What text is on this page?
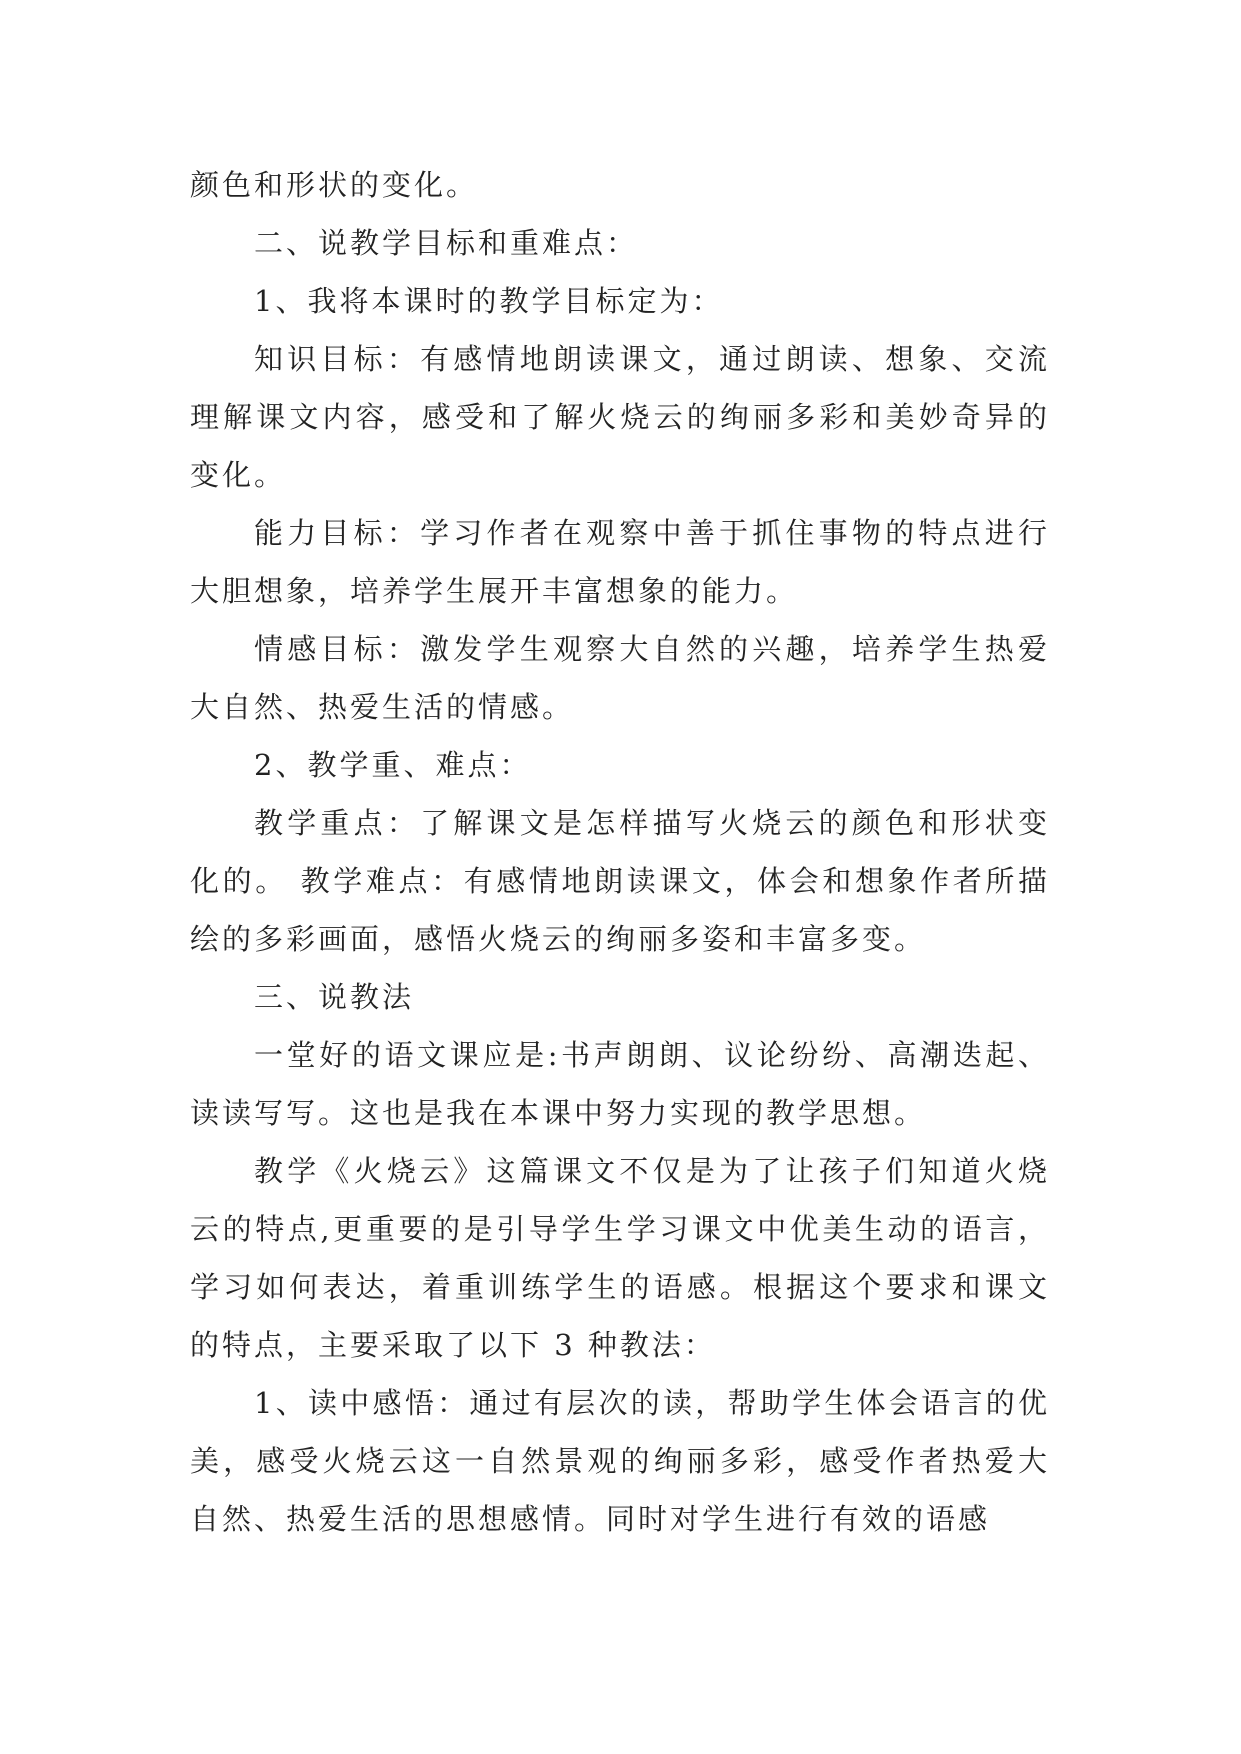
颜色和形状的变化。

二、说教学目标和重难点：

1、我将本课时的教学目标定为：

知识目标：有感情地朗读课文，通过朗读、想象、交流理解课文内容，感受和了解火烧云的绚丽多彩和美妙奇异的变化。

能力目标：学习作者在观察中善于抓住事物的特点进行大胆想象，培养学生展开丰富想象的能力。

情感目标：激发学生观察大自然的兴趣，培养学生热爱大自然、热爱生活的情感。

2、教学重、难点：

教学重点：了解课文是怎样描写火烧云的颜色和形状变化的。 教学难点：有感情地朗读课文，体会和想象作者所描绘的多彩画面，感悟火烧云的绚丽多姿和丰富多变。

三、说教法

一堂好的语文课应是:书声朗朗、议论纷纷、高潮迭起、读读写写。这也是我在本课中努力实现的教学思想。

教学《火烧云》这篇课文不仅是为了让孩子们知道火烧云的特点,更重要的是引导学生学习课文中优美生动的语言，学习如何表达，着重训练学生的语感。根据这个要求和课文的特点，主要采取了以下 3 种教法：

1、读中感悟：通过有层次的读，帮助学生体会语言的优美，感受火烧云这一自然景观的绚丽多彩，感受作者热爱大自然、热爱生活的思想感情。同时对学生进行有效的语感
